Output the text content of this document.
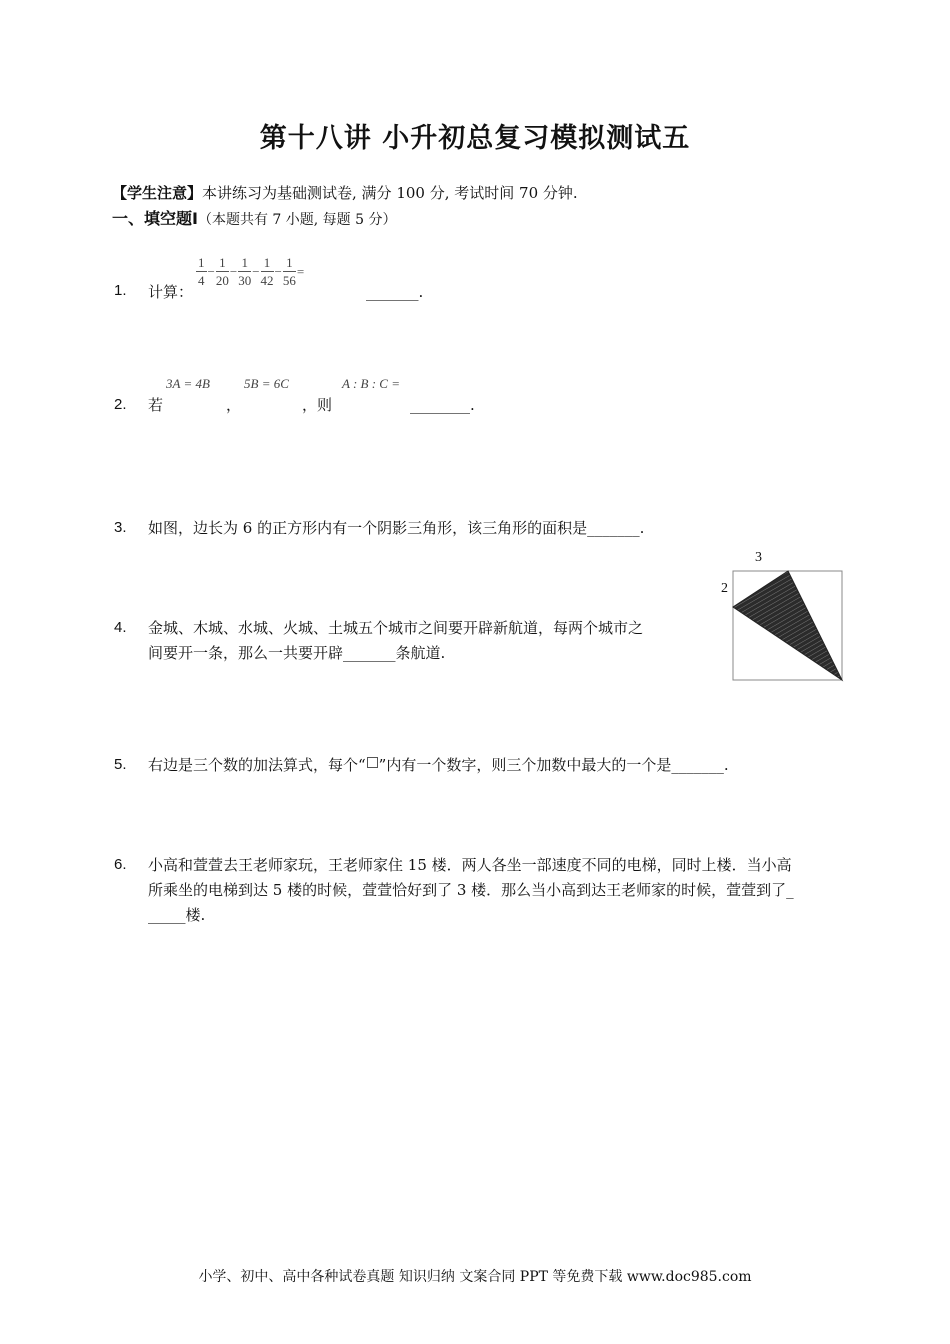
第十八讲 小升初总复习模拟测试五
【学生注意】本讲练习为基础测试卷, 满分 100 分, 考试时间 70 分钟.
一、填空题Ⅰ（本题共有 7 小题, 每题 5 分）
1. 计算：
$\frac{1}{4} - \frac{1}{20} - \frac{1}{30} - \frac{1}{42} - \frac{1}{56}$ =
_______.
2. 若
3A = 4B
，
5B = 6C
，则
A : B : C =
________.
3. 如图，边长为 6 的正方形内有一个阴影三角形，该三角形的面积是_______.
3
2
4. 金城、木城、水城、火城、土城五个城市之间要开辟新航道，每两个城市之
间要开一条，那么一共要开辟_______条航道.
5. 右边是三个数的加法算式，每个“ ”内有一个数字，则三个加数中最大的一个是_______.
6. 小高和萱萱去王老师家玩，王老师家住 15 楼．两人各坐一部速度不同的电梯，同时上楼．当小高
所乘坐的电梯到达 5 楼的时候，萱萱恰好到了 3 楼．那么当小高到达王老师家的时候，萱萱到了_
_____楼.
小学、初中、高中各种试卷真题 知识归纳 文案合同 PPT 等免费下载 www.doc985.com
